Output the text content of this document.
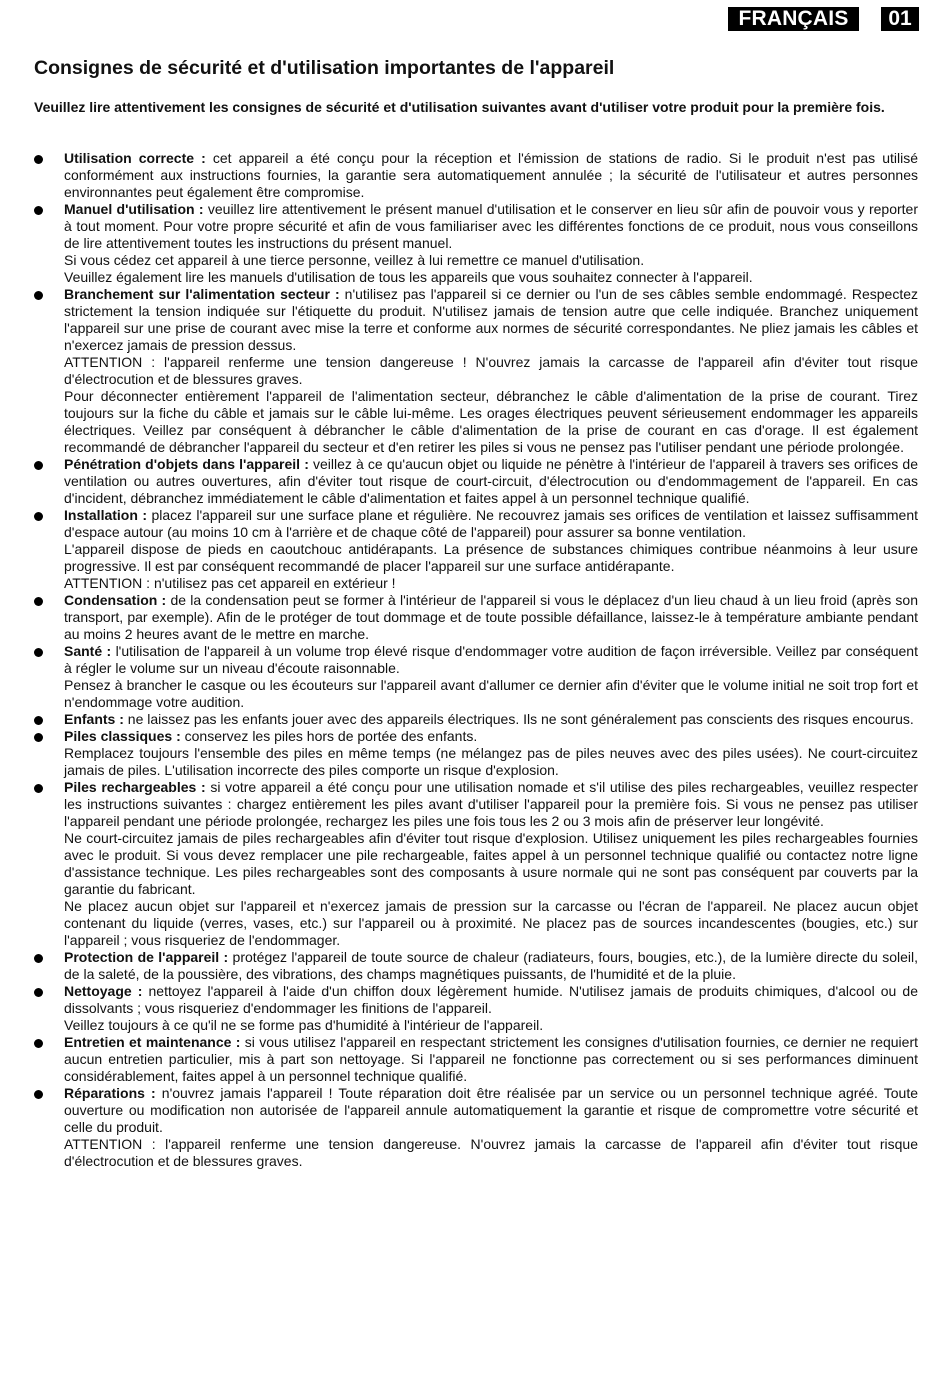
FRANÇAIS	01
Consignes de sécurité et d'utilisation importantes de l'appareil

Veuillez lire attentivement les consignes de sécurité et d'utilisation suivantes avant d'utiliser votre produit pour la première fois.

Utilisation correcte : cet appareil a été conçu pour la réception et l'émission de stations de radio. Si le produit n'est pas utilisé conformément aux instructions fournies, la garantie sera automatiquement annulée ; la sécurité de l'utilisateur et autres personnes environnantes peut également être compromise.

Manuel d'utilisation : veuillez lire attentivement le présent manuel d'utilisation et le conserver en lieu sûr afin de pouvoir vous y reporter à tout moment. Pour votre propre sécurité et afin de vous familiariser avec les différentes fonctions de ce produit, nous vous conseillons de lire attentivement toutes les instructions du présent manuel.

Si vous cédez cet appareil à une tierce personne, veillez à lui remettre ce manuel d'utilisation.

Veuillez également lire les manuels d'utilisation de tous les appareils que vous souhaitez connecter à l'appareil.

Branchement sur l'alimentation secteur : n'utilisez pas l'appareil si ce dernier ou l'un de ses câbles semble endommagé. Respectez strictement la tension indiquée sur l'étiquette du produit. N'utilisez jamais de tension autre que celle indiquée. Branchez uniquement l'appareil sur une prise de courant avec mise la terre et conforme aux normes de sécurité correspondantes. Ne pliez jamais les câbles et n'exercez jamais de pression dessus.

ATTENTION : l'appareil renferme une tension dangereuse ! N'ouvrez jamais la carcasse de l'appareil afin d'éviter tout risque d'électrocution et de blessures graves.

Pour déconnecter entièrement l'appareil de l'alimentation secteur, débranchez le câble d'alimentation de la prise de courant. Tirez toujours sur la fiche du câble et jamais sur le câble lui-même. Les orages électriques peuvent sérieusement endommager les appareils électriques. Veillez par conséquent à débrancher le câble d'alimentation de la prise de courant en cas d'orage. Il est également recommandé de débrancher l'appareil du secteur et d'en retirer les piles si vous ne pensez pas l'utiliser pendant une période prolongée.

Pénétration d'objets dans l'appareil : veillez à ce qu'aucun objet ou liquide ne pénètre à l'intérieur de l'appareil à travers ses orifices de ventilation ou autres ouvertures, afin d'éviter tout risque de court-circuit, d'électrocution ou d'endommagement de l'appareil. En cas d'incident, débranchez immédiatement le câble d'alimentation et faites appel à un personnel technique qualifié.

Installation : placez l'appareil sur une surface plane et régulière. Ne recouvrez jamais ses orifices de ventilation et laissez suffisamment d'espace autour (au moins 10 cm à l'arrière et de chaque côté de l'appareil) pour assurer sa bonne ventilation.

L'appareil dispose de pieds en caoutchouc antidérapants. La présence de substances chimiques contribue néanmoins à leur usure progressive. Il est par conséquent recommandé de placer l'appareil sur une surface antidérapante.

ATTENTION : n'utilisez pas cet appareil en extérieur !

Condensation : de la condensation peut se former à l'intérieur de l'appareil si vous le déplacez d'un lieu chaud à un lieu froid (après son transport, par exemple). Afin de le protéger de tout dommage et de toute possible défaillance, laissez-le à température ambiante pendant au moins 2 heures avant de le mettre en marche.

Santé : l'utilisation de l'appareil à un volume trop élevé risque d'endommager votre audition de façon irréversible. Veillez par conséquent à régler le volume sur un niveau d'écoute raisonnable.

Pensez à brancher le casque ou les écouteurs sur l'appareil avant d'allumer ce dernier afin d'éviter que le volume initial ne soit trop fort et n'endommage votre audition.

Enfants : ne laissez pas les enfants jouer avec des appareils électriques. Ils ne sont généralement pas conscients des risques encourus.

Piles classiques : conservez les piles hors de portée des enfants.

Remplacez toujours l'ensemble des piles en même temps (ne mélangez pas de piles neuves avec des piles usées). Ne court-circuitez jamais de piles. L'utilisation incorrecte des piles comporte un risque d'explosion.

Piles rechargeables : si votre appareil a été conçu pour une utilisation nomade et s'il utilise des piles rechargeables, veuillez respecter les instructions suivantes : chargez entièrement les piles avant d'utiliser l'appareil pour la première fois. Si vous ne pensez pas utiliser l'appareil pendant une période prolongée, rechargez les piles une fois tous les 2 ou 3 mois afin de préserver leur longévité.

Ne court-circuitez jamais de piles rechargeables afin d'éviter tout risque d'explosion. Utilisez uniquement les piles rechargeables fournies avec le produit. Si vous devez remplacer une pile rechargeable, faites appel à un personnel technique qualifié ou contactez notre ligne d'assistance technique. Les piles rechargeables sont des composants à usure normale qui ne sont pas conséquent par couverts par la garantie du fabricant.

Ne placez aucun objet sur l'appareil et n'exercez jamais de pression sur la carcasse ou l'écran de l'appareil. Ne placez aucun objet contenant du liquide (verres, vases, etc.) sur l'appareil ou à proximité. Ne placez pas de sources incandescentes (bougies, etc.) sur l'appareil ; vous risqueriez de l'endommager.

Protection de l'appareil : protégez l'appareil de toute source de chaleur (radiateurs, fours, bougies, etc.), de la lumière directe du soleil, de la saleté, de la poussière, des vibrations, des champs magnétiques puissants, de l'humidité et de la pluie.

Nettoyage : nettoyez l'appareil à l'aide d'un chiffon doux légèrement humide. N'utilisez jamais de produits chimiques, d'alcool ou de dissolvants ; vous risqueriez d'endommager les finitions de l'appareil.

Veillez toujours à ce qu'il ne se forme pas d'humidité à l'intérieur de l'appareil.

Entretien et maintenance : si vous utilisez l'appareil en respectant strictement les consignes d'utilisation fournies, ce dernier ne requiert aucun entretien particulier, mis à part son nettoyage. Si l'appareil ne fonctionne pas correctement ou si ses performances diminuent considérablement, faites appel à un personnel technique qualifié.

Réparations : n'ouvrez jamais l'appareil ! Toute réparation doit être réalisée par un service ou un personnel technique agréé. Toute ouverture ou modification non autorisée de l'appareil annule automatiquement la garantie et risque de compromettre votre sécurité et celle du produit.

ATTENTION : l'appareil renferme une tension dangereuse. N'ouvrez jamais la carcasse de l'appareil afin d'éviter tout risque d'électrocution et de blessures graves.
